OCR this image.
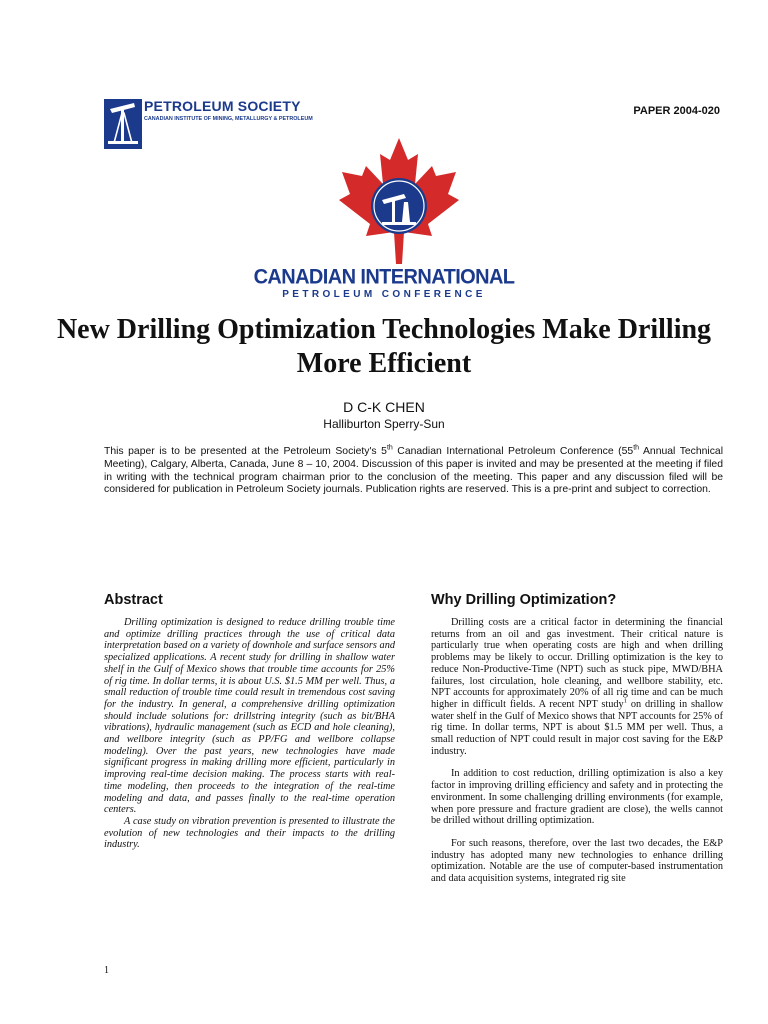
PETROLEUM SOCIETY
CANADIAN INSTITUTE OF MINING, METALLURGY & PETROLEUM
PAPER 2004-020
CANADIAN INTERNATIONAL
PETROLEUM CONFERENCE
New Drilling Optimization Technologies Make Drilling More Efficient
D C-K CHEN
Halliburton Sperry-Sun
This paper is to be presented at the Petroleum Society's 5th Canadian International Petroleum Conference (55th Annual Technical Meeting), Calgary, Alberta, Canada, June 8 – 10, 2004. Discussion of this paper is invited and may be presented at the meeting if filed in writing with the technical program chairman prior to the conclusion of the meeting. This paper and any discussion filed will be considered for publication in Petroleum Society journals. Publication rights are reserved. This is a pre-print and subject to correction.
Abstract

Drilling optimization is designed to reduce drilling trouble time and optimize drilling practices through the use of critical data interpretation based on a variety of downhole and surface sensors and specialized applications. A recent study for drilling in shallow water shelf in the Gulf of Mexico shows that trouble time accounts for 25% of rig time. In dollar terms, it is about U.S. $1.5 MM per well. Thus, a small reduction of trouble time could result in tremendous cost saving for the industry. In general, a comprehensive drilling optimization should include solutions for: drillstring integrity (such as bit/BHA vibrations), hydraulic management (such as ECD and hole cleaning), and wellbore integrity (such as PP/FG and wellbore collapse modeling). Over the past years, new technologies have made significant progress in making drilling more efficient, particularly in improving real-time decision making. The process starts with real-time modeling, then proceeds to the integration of the real-time modeling and data, and passes finally to the real-time operation centers.

A case study on vibration prevention is presented to illustrate the evolution of new technologies and their impacts to the drilling industry.

Why Drilling Optimization?

Drilling costs are a critical factor in determining the financial returns from an oil and gas investment. Their critical nature is particularly true when operating costs are high and when drilling problems may be likely to occur. Drilling optimization is the key to reduce Non-Productive-Time (NPT) such as stuck pipe, MWD/BHA failures, lost circulation, hole cleaning, and wellbore stability, etc. NPT accounts for approximately 20% of all rig time and can be much higher in difficult fields. A recent NPT study$^1$ on drilling in shallow water shelf in the Gulf of Mexico shows that NPT accounts for 25% of rig time. In dollar terms, NPT is about $1.5 MM per well. Thus, a small reduction of NPT could result in major cost saving for the E&P industry.

In addition to cost reduction, drilling optimization is also a key factor in improving drilling efficiency and safety and in protecting the environment. In some challenging drilling environments (for example, when pore pressure and fracture gradient are close), the wells cannot be drilled without drilling optimization.

For such reasons, therefore, over the last two decades, the E&P industry has adopted many new technologies to enhance drilling optimization. Notable are the use of computer-based instrumentation and data acquisition systems, integrated rig site

1
